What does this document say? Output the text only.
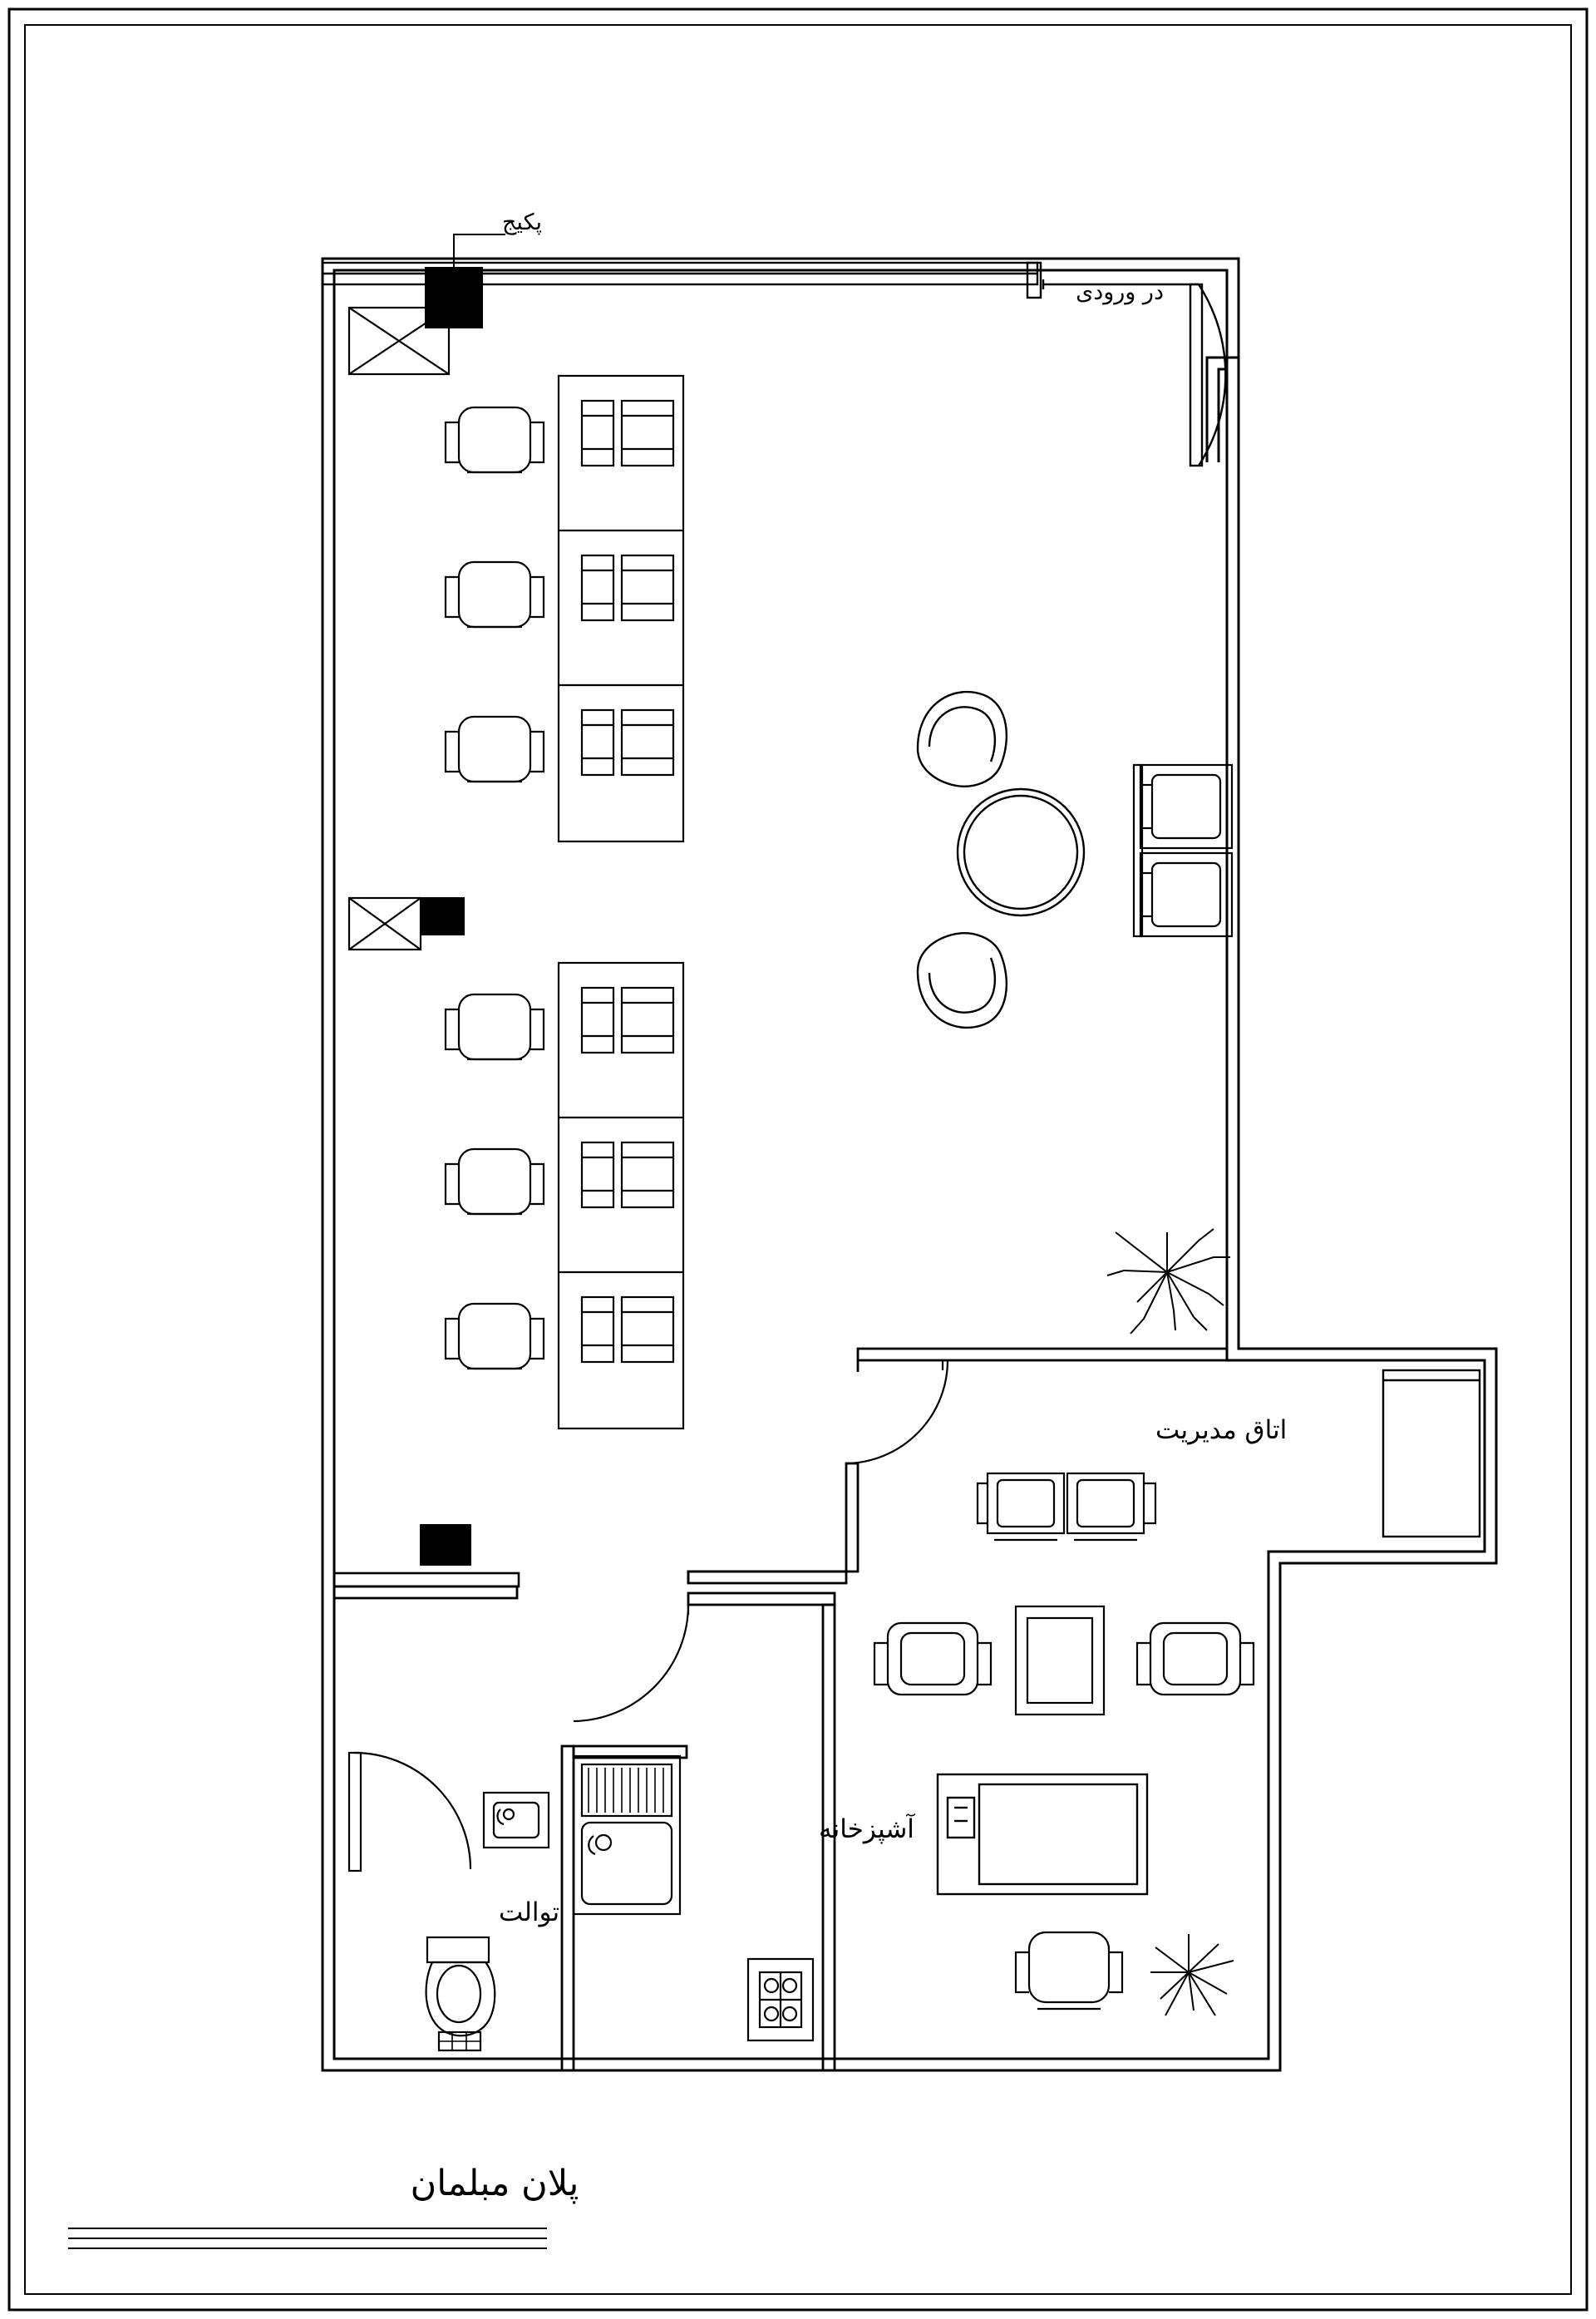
پلان مبلمان
در ورودی
پکیج
اتاق مدیریت
آشپزخانه
توالت
